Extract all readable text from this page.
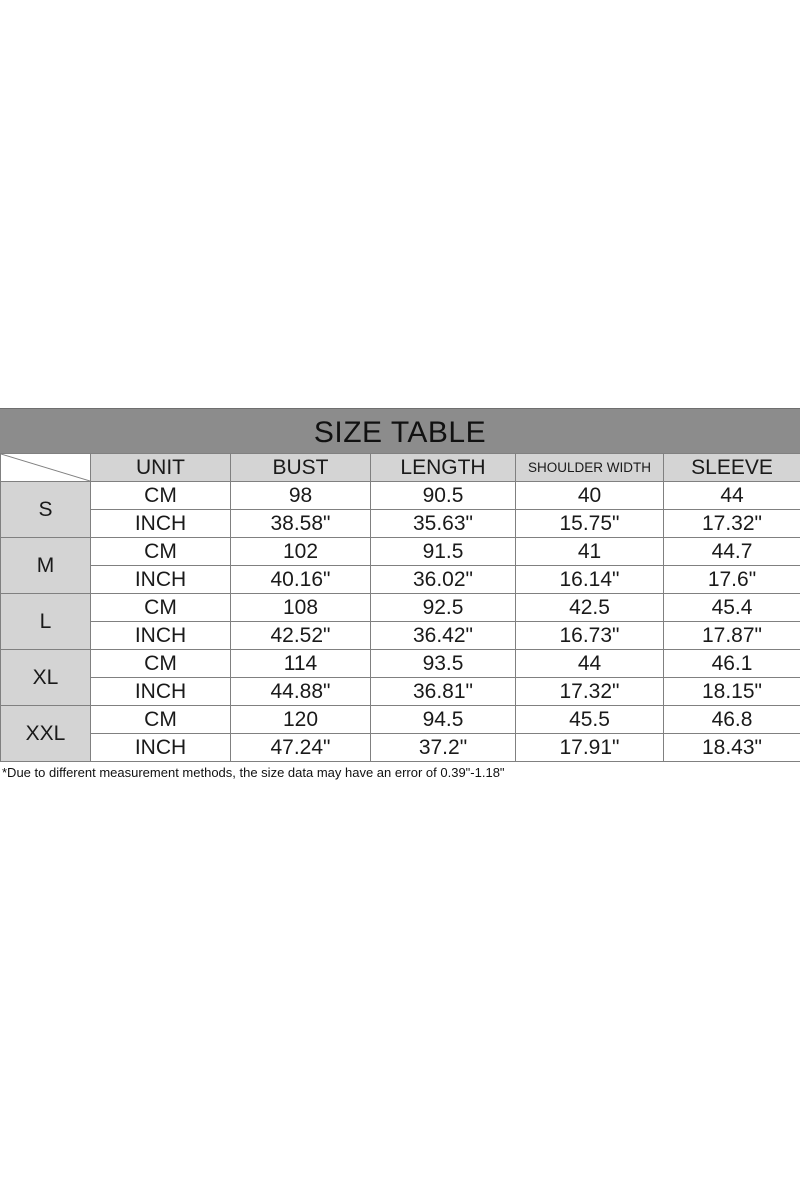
SIZE TABLE
	UNIT	BUST	LENGTH	SHOULDER WIDTH	SLEEVE
S	CM	98	90.5	40	44
	INCH	38.58"	35.63"	15.75"	17.32"
M	CM	102	91.5	41	44.7
	INCH	40.16"	36.02"	16.14"	17.6"
L	CM	108	92.5	42.5	45.4
	INCH	42.52"	36.42"	16.73"	17.87"
XL	CM	114	93.5	44	46.1
	INCH	44.88"	36.81"	17.32"	18.15"
XXL	CM	120	94.5	45.5	46.8
	INCH	47.24"	37.2"	17.91"	18.43"
*Due to different measurement methods, the size data may have an error of 0.39"-1.18"
